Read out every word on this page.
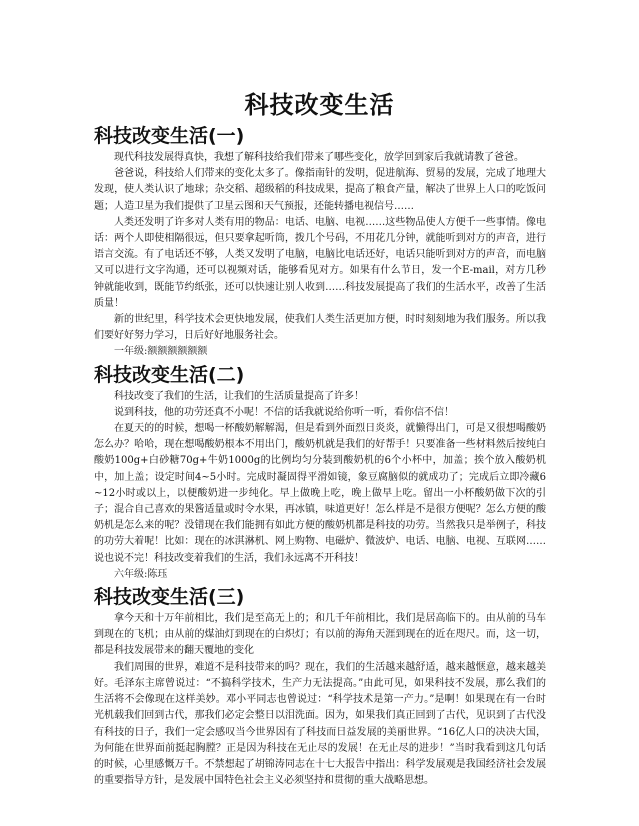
科技改变生活
科技改变生活(一)

现代科技发展得真快，我想了解科技给我们带来了哪些变化，放学回到家后我就请教了爸爸。

爸爸说，科技给人们带来的变化太多了。像指南针的发明，促进航海、贸易的发展，完成了地理大发现，使人类认识了地球；杂交稻、超级稻的科技成果，提高了粮食产量，解决了世界上人口的吃饭问题；人造卫星为我们提供了卫星云图和天气预报，还能转播电视信号……

人类还发明了许多对人类有用的物品：电话、电脑、电视……这些物品使人方便千一些事情。像电话：两个人即使相隔很远，但只要拿起听筒，拨几个号码，不用花几分钟，就能听到对方的声音，进行语言交流。有了电话还不够，人类又发明了电脑，电脑比电话还好，电话只能听到对方的声音，而电脑又可以进行文字沟通，还可以视频对话，能够看见对方。如果有什么节日，发一个E-mail，对方几秒钟就能收到，既能节约纸张，还可以快速让别人收到……科技发展提高了我们的生活水平，改善了生活质量！

新的世纪里，科学技术会更快地发展，使我们人类生活更加方便，时时刻刻地为我们服务。所以我们要好好努力学习，日后好好地服务社会。

一年级:额额额额额额

科技改变生活(二)

科技改变了我们的生活，让我们的生活质量提高了许多！

说到科技，他的功劳还真不小呢！不信的话我就说给你听一听，看你信不信！

在夏天的的时候，想喝一杯酸奶解解渴，但是看到外面烈日炎炎，就懒得出门，可是又很想喝酸奶怎么办？哈哈，现在想喝酸奶根本不用出门，酸奶机就是我们的好帮手！只要准备一些材料然后按纯白酸奶100g+白砂糖70g+牛奶1000g的比例均匀分装到酸奶机的6个小杯中，加盖；挨个放入酸奶机中，加上盖；设定时间4~5小时。完成时凝固得平滑如镜，象豆腐脑似的就成功了；完成后立即冷藏6~12小时或以上，以便酸奶进一步纯化。早上做晚上吃，晚上做早上吃。留出一小杯酸奶做下次的引子；混合自己喜欢的果酱适量或时令水果，再冰镇，味道更好！怎么样是不是很方便呢？怎么方便的酸奶机是怎么来的呢？没错现在我们能拥有如此方便的酸奶机都是科技的功劳。当然我只是举例子，科技的功劳大着呢！比如：现在的冰淇淋机、网上购物、电磁炉、微波炉、电话、电脑、电视、互联网……说也说不完！科技改变着我们的生活，我们永远离不开科技！

六年级:陈珏

科技改变生活(三)

拿今天和十万年前相比，我们是至高无上的；和几千年前相比，我们是居高临下的。由从前的马车到现在的飞机；由从前的煤油灯到现在的白炽灯；有以前的海角天涯到现在的近在咫尺。而，这一切，都是科技发展带来的翻天覆地的变化

我们周围的世界，难道不是科技带来的吗？现在，我们的生活越来越舒适，越来越惬意，越来越美好。毛泽东主席曾说过：“不搞科学技术，生产力无法提高。”由此可见，如果科技不发展，那么我们的生活将不会像现在这样美妙。邓小平同志也曾说过：“科学技术是第一产力。”是啊！如果现在有一台时光机载我们回到古代，那我们必定会整日以泪洗面。因为，如果我们真正回到了古代，见识到了古代没有科技的日子，我们一定会感叹当今世界因有了科技而日益发展的美丽世界。“16亿人口的决决大国，为何能在世界面前挺起胸膛？正是因为科技在无止尽的发展！在无止尽的进步！”当时我看到这几句话的时候，心里感慨万千。不禁想起了胡锦涛同志在十七大报告中指出：科学发展观是我国经济社会发展的重要指导方针，是发展中国特色社会主义必须坚持和贯彻的重大战略思想。
